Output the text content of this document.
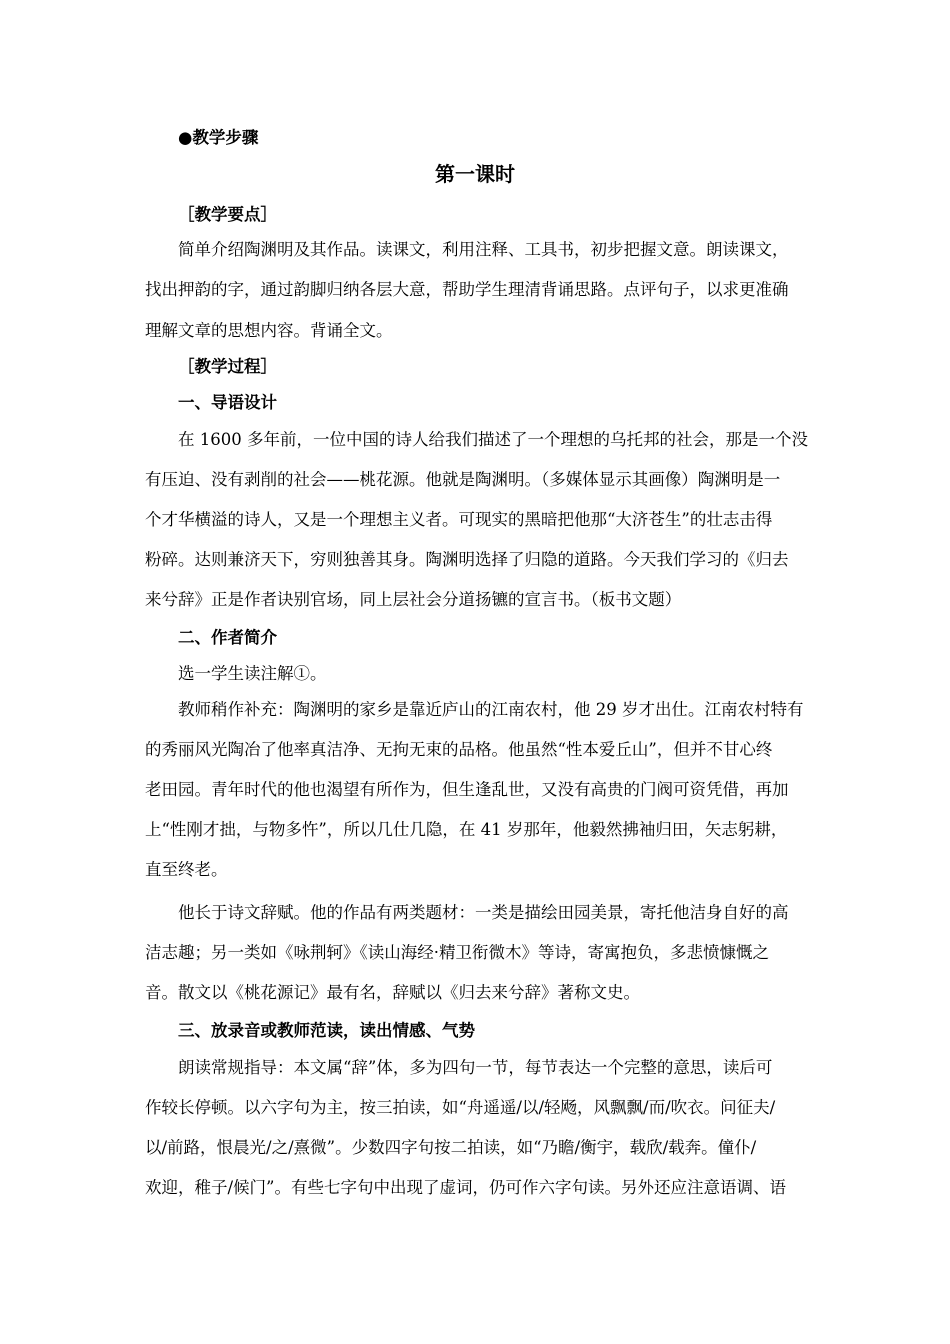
●教学步骤
第一课时
［教学要点］
简单介绍陶渊明及其作品。读课文，利用注释、工具书，初步把握文意。朗读课文，
找出押韵的字，通过韵脚归纳各层大意，帮助学生理清背诵思路。点评句子，以求更准确
理解文章的思想内容。背诵全文。
［教学过程］
一、导语设计
在 1600 多年前，一位中国的诗人给我们描述了一个理想的乌托邦的社会，那是一个没
有压迫、没有剥削的社会——桃花源。他就是陶渊明。（多媒体显示其画像）陶渊明是一
个才华横溢的诗人，又是一个理想主义者。可现实的黑暗把他那“大济苍生”的壮志击得
粉碎。达则兼济天下，穷则独善其身。陶渊明选择了归隐的道路。今天我们学习的《归去
来兮辞》正是作者诀别官场，同上层社会分道扬镳的宣言书。（板书文题）
二、作者简介
选一学生读注解①。
教师稍作补充：陶渊明的家乡是靠近庐山的江南农村，他 29 岁才出仕。江南农村特有
的秀丽风光陶冶了他率真洁净、无拘无束的品格。他虽然“性本爱丘山”，但并不甘心终
老田园。青年时代的他也渴望有所作为，但生逢乱世，又没有高贵的门阀可资凭借，再加
上“性刚才拙，与物多忤”，所以几仕几隐，在 41 岁那年，他毅然拂袖归田，矢志躬耕，
直至终老。
他长于诗文辞赋。他的作品有两类题材：一类是描绘田园美景，寄托他洁身自好的高
洁志趣；另一类如《咏荆轲》《读山海经·精卫衔微木》等诗，寄寓抱负，多悲愤慷慨之
音。散文以《桃花源记》最有名，辞赋以《归去来兮辞》著称文史。
三、放录音或教师范读，读出情感、气势
朗读常规指导：本文属“辞”体，多为四句一节，每节表达一个完整的意思，读后可
作较长停顿。以六字句为主，按三拍读，如“舟遥遥/以/轻飏，风飘飘/而/吹衣。问征夫/
以/前路，恨晨光/之/熹微”。少数四字句按二拍读，如“乃瞻/衡宇，载欣/载奔。僮仆/
欢迎，稚子/候门”。有些七字句中出现了虚词，仍可作六字句读。另外还应注意语调、语
